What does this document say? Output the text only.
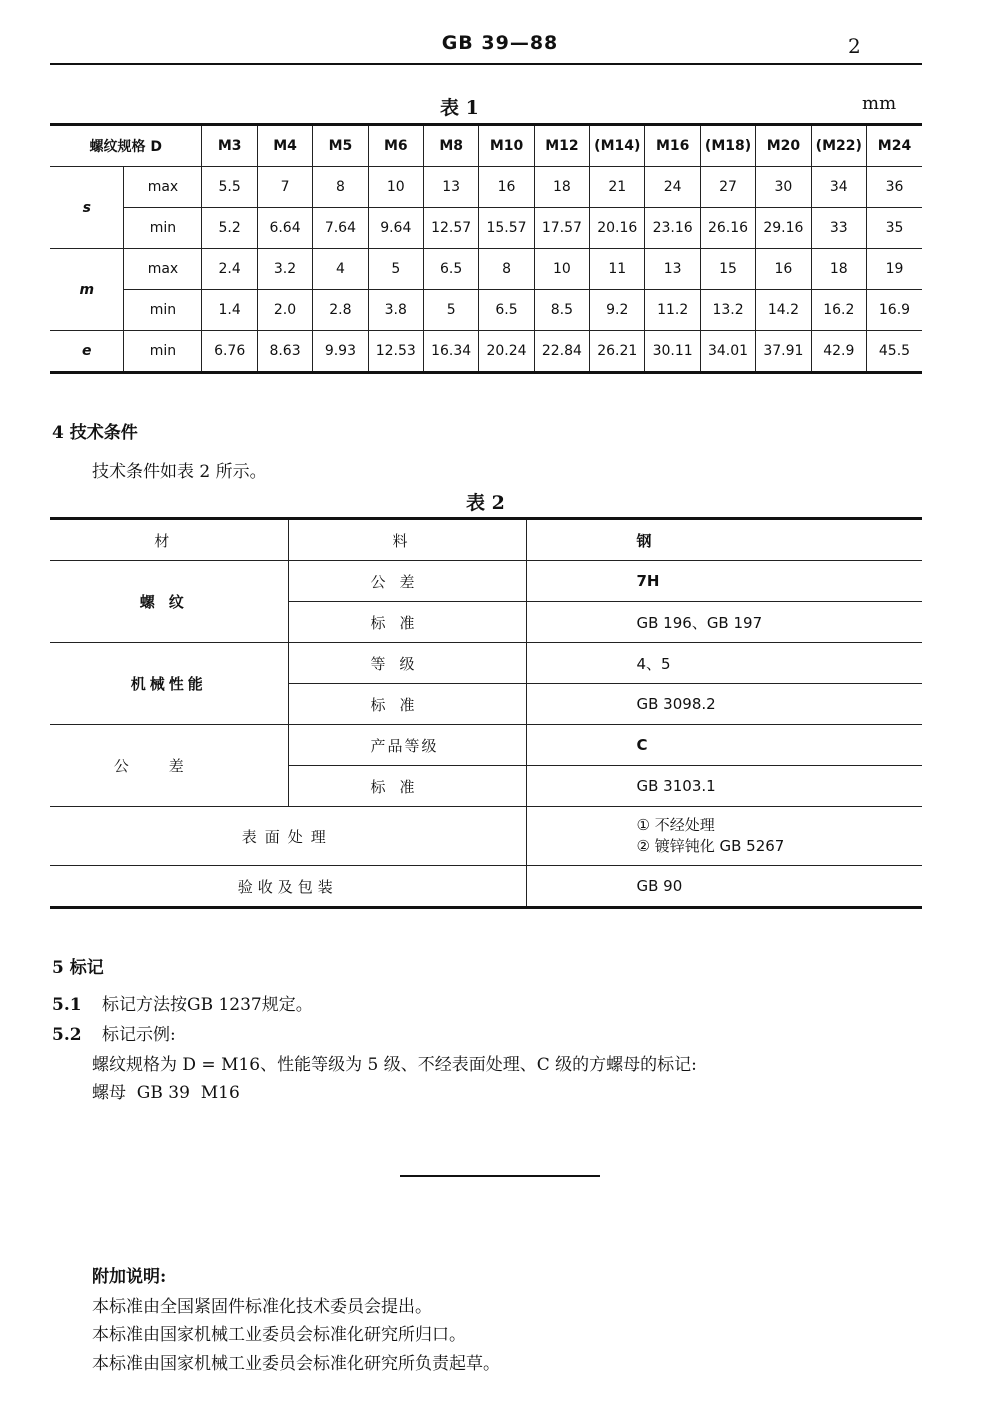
GB 39—88	2
表 1	mm
螺纹规格 D		M3	M4	M5	M6	M8	M10	M12	(M14)	M16	(M18)	M20	(M22)	M24
s	max	5.5	7	8	10	13	16	18	21	24	27	30	34	36
	min	5.2	6.64	7.64	9.64	12.57	15.57	17.57	20.16	23.16	26.16	29.16	33	35
m	max	2.4	3.2	4	5	6.5	8	10	11	13	15	16	18	19
	min	1.4	2.0	2.8	3.8	5	6.5	8.5	9.2	11.2	13.2	14.2	16.2	16.9
e	min	6.76	8.63	9.93	12.53	16.34	20.24	22.84	26.21	30.11	34.01	37.91	42.9	45.5
4 技术条件
技术条件如表 2 所示。
表 2
材	料	钢
螺纹	公差	7H
	标准	GB 196、GB 197
机械性能	等级	4、5
	标准	GB 3098.2
公差	产品等级	C
	标准	GB 3103.1
表面处理		① 不经处理
② 镀锌钝化 GB 5267

验收及包装		GB 90
5 标记
5.1 标记方法按GB 1237规定。
5.2 标记示例:
螺纹规格为 D = M16、性能等级为 5 级、不经表面处理、C 级的方螺母的标记:
螺母  GB 39  M16
附加说明:
本标准由全国紧固件标准化技术委员会提出。
本标准由国家机械工业委员会标准化研究所归口。
本标准由国家机械工业委员会标准化研究所负责起草。
